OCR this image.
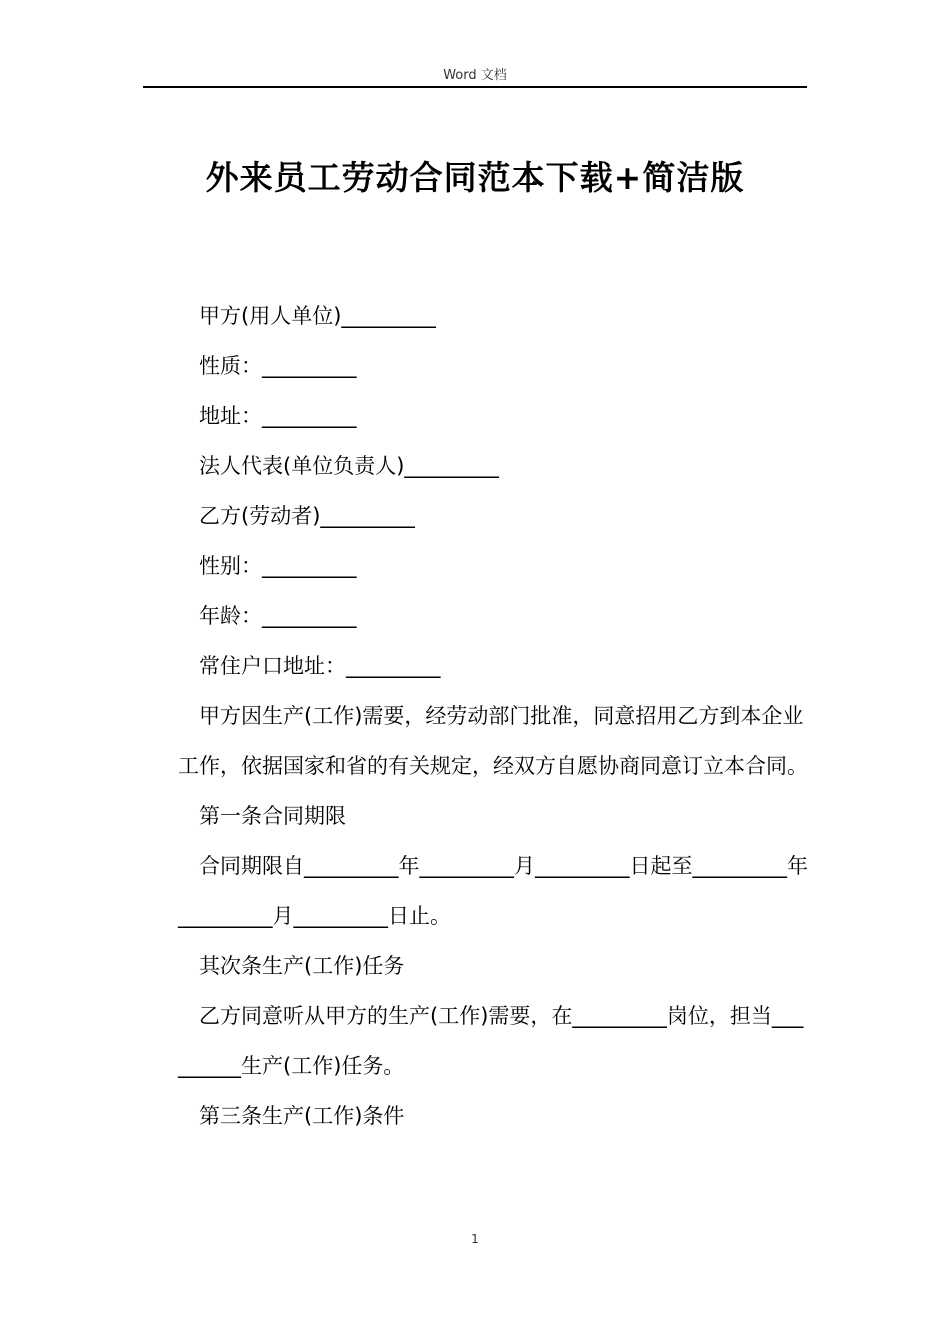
Word 文档
外来员工劳动合同范本下载+简洁版

甲方(用人单位)_________

性质：_________

地址：_________

法人代表(单位负责人)_________

乙方(劳动者)_________

性别：_________

年龄：_________

常住户口地址：_________

甲方因生产(工作)需要，经劳动部门批准，同意招用乙方到本企业工作，依据国家和省的有关规定，经双方自愿协商同意订立本合同。

第一条合同期限

合同期限自_________年_________月_________日起至_________年_________月_________日止。

其次条生产(工作)任务

乙方同意听从甲方的生产(工作)需要，在_________岗位，担当_________生产(工作)任务。

第三条生产(工作)条件

1
